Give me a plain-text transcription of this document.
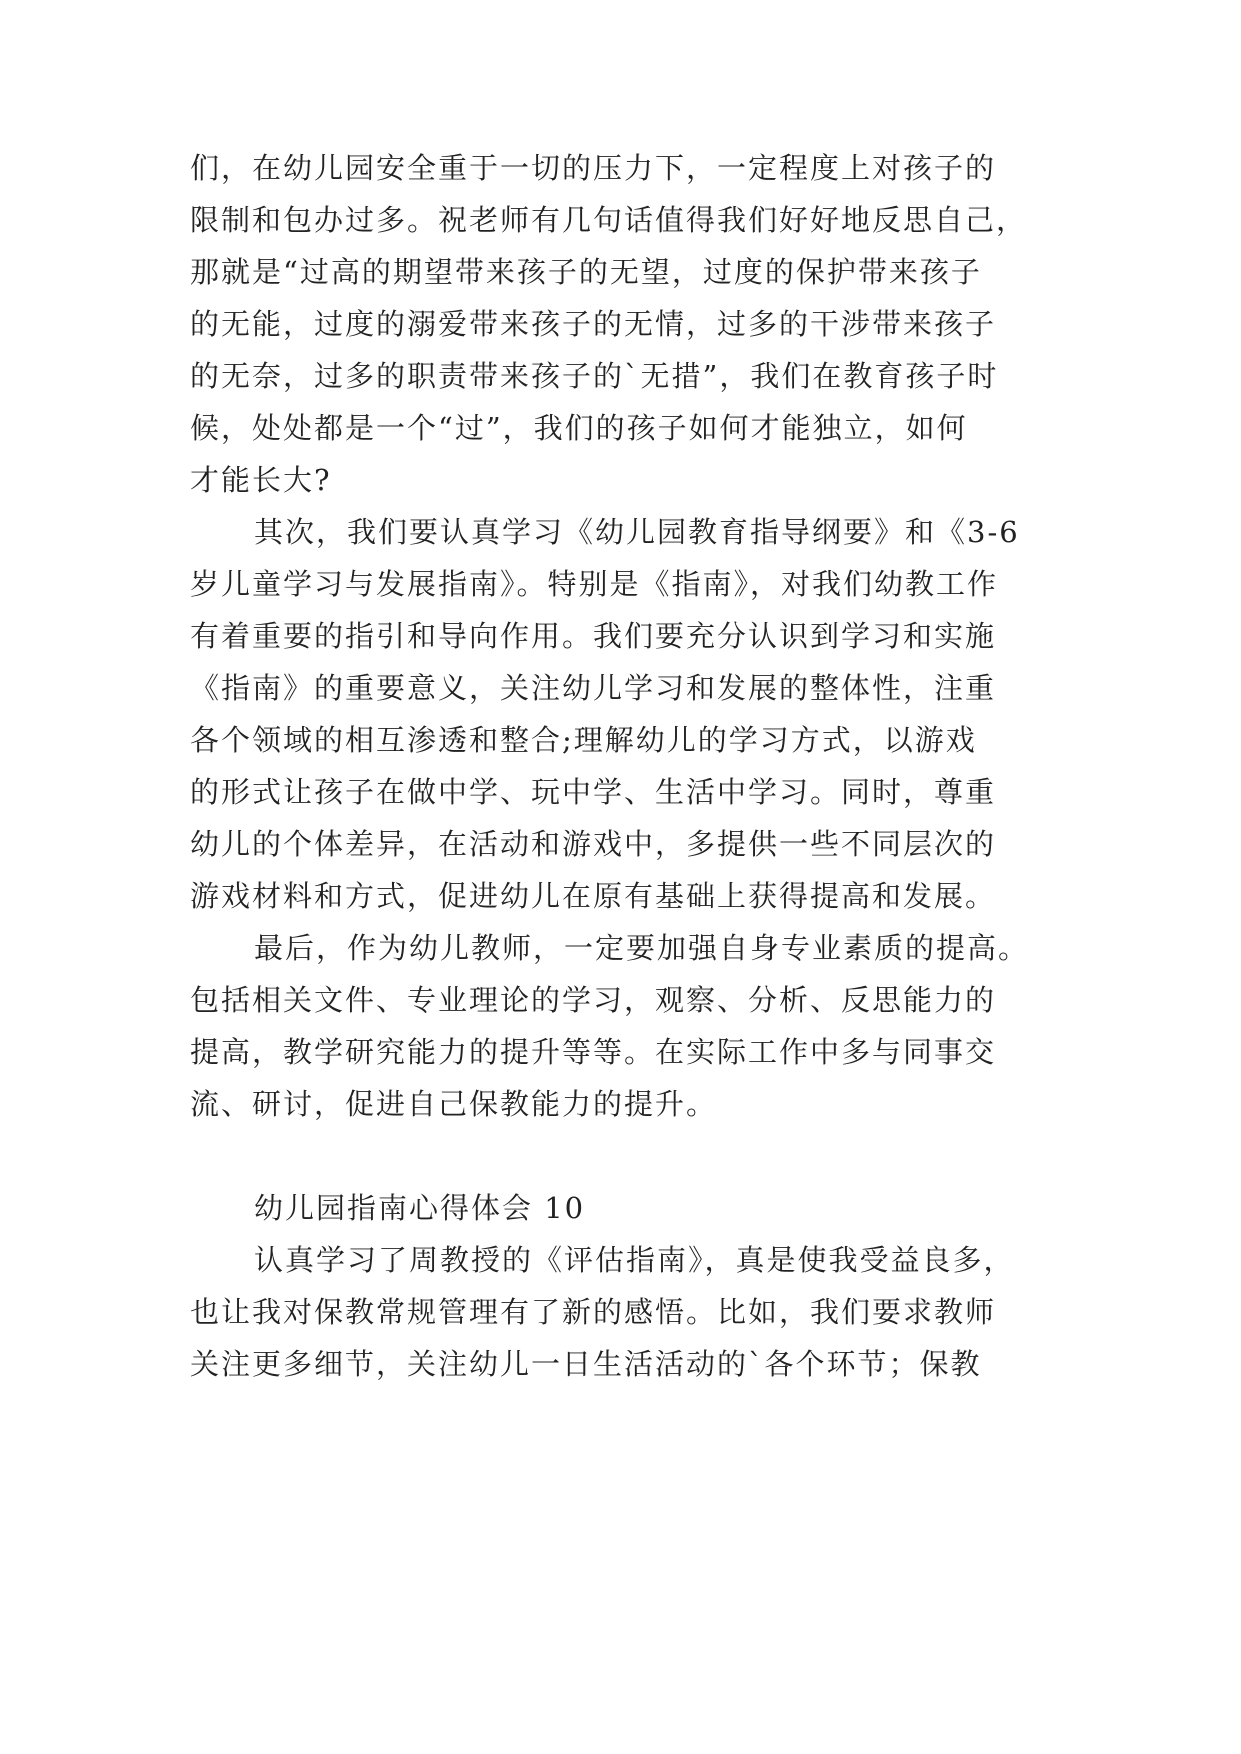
们，在幼儿园安全重于一切的压力下，一定程度上对孩子的
限制和包办过多。祝老师有几句话值得我们好好地反思自己，
那就是“过高的期望带来孩子的无望，过度的保护带来孩子
的无能，过度的溺爱带来孩子的无情，过多的干涉带来孩子
的无奈，过多的职责带来孩子的`无措”，我们在教育孩子时
候，处处都是一个“过”，我们的孩子如何才能独立，如何
才能长大?
其次，我们要认真学习《幼儿园教育指导纲要》和《3-6
岁儿童学习与发展指南》。特别是《指南》，对我们幼教工作
有着重要的指引和导向作用。我们要充分认识到学习和实施
《指南》的重要意义，关注幼儿学习和发展的整体性，注重
各个领域的相互渗透和整合;理解幼儿的学习方式，以游戏
的形式让孩子在做中学、玩中学、生活中学习。同时，尊重
幼儿的个体差异，在活动和游戏中，多提供一些不同层次的
游戏材料和方式，促进幼儿在原有基础上获得提高和发展。
最后，作为幼儿教师，一定要加强自身专业素质的提高。
包括相关文件、专业理论的学习，观察、分析、反思能力的
提高，教学研究能力的提升等等。在实际工作中多与同事交
流、研讨，促进自己保教能力的提升。
幼儿园指南心得体会 10
认真学习了周教授的《评估指南》，真是使我受益良多，
也让我对保教常规管理有了新的感悟。比如，我们要求教师
关注更多细节，关注幼儿一日生活活动的`各个环节；保教
